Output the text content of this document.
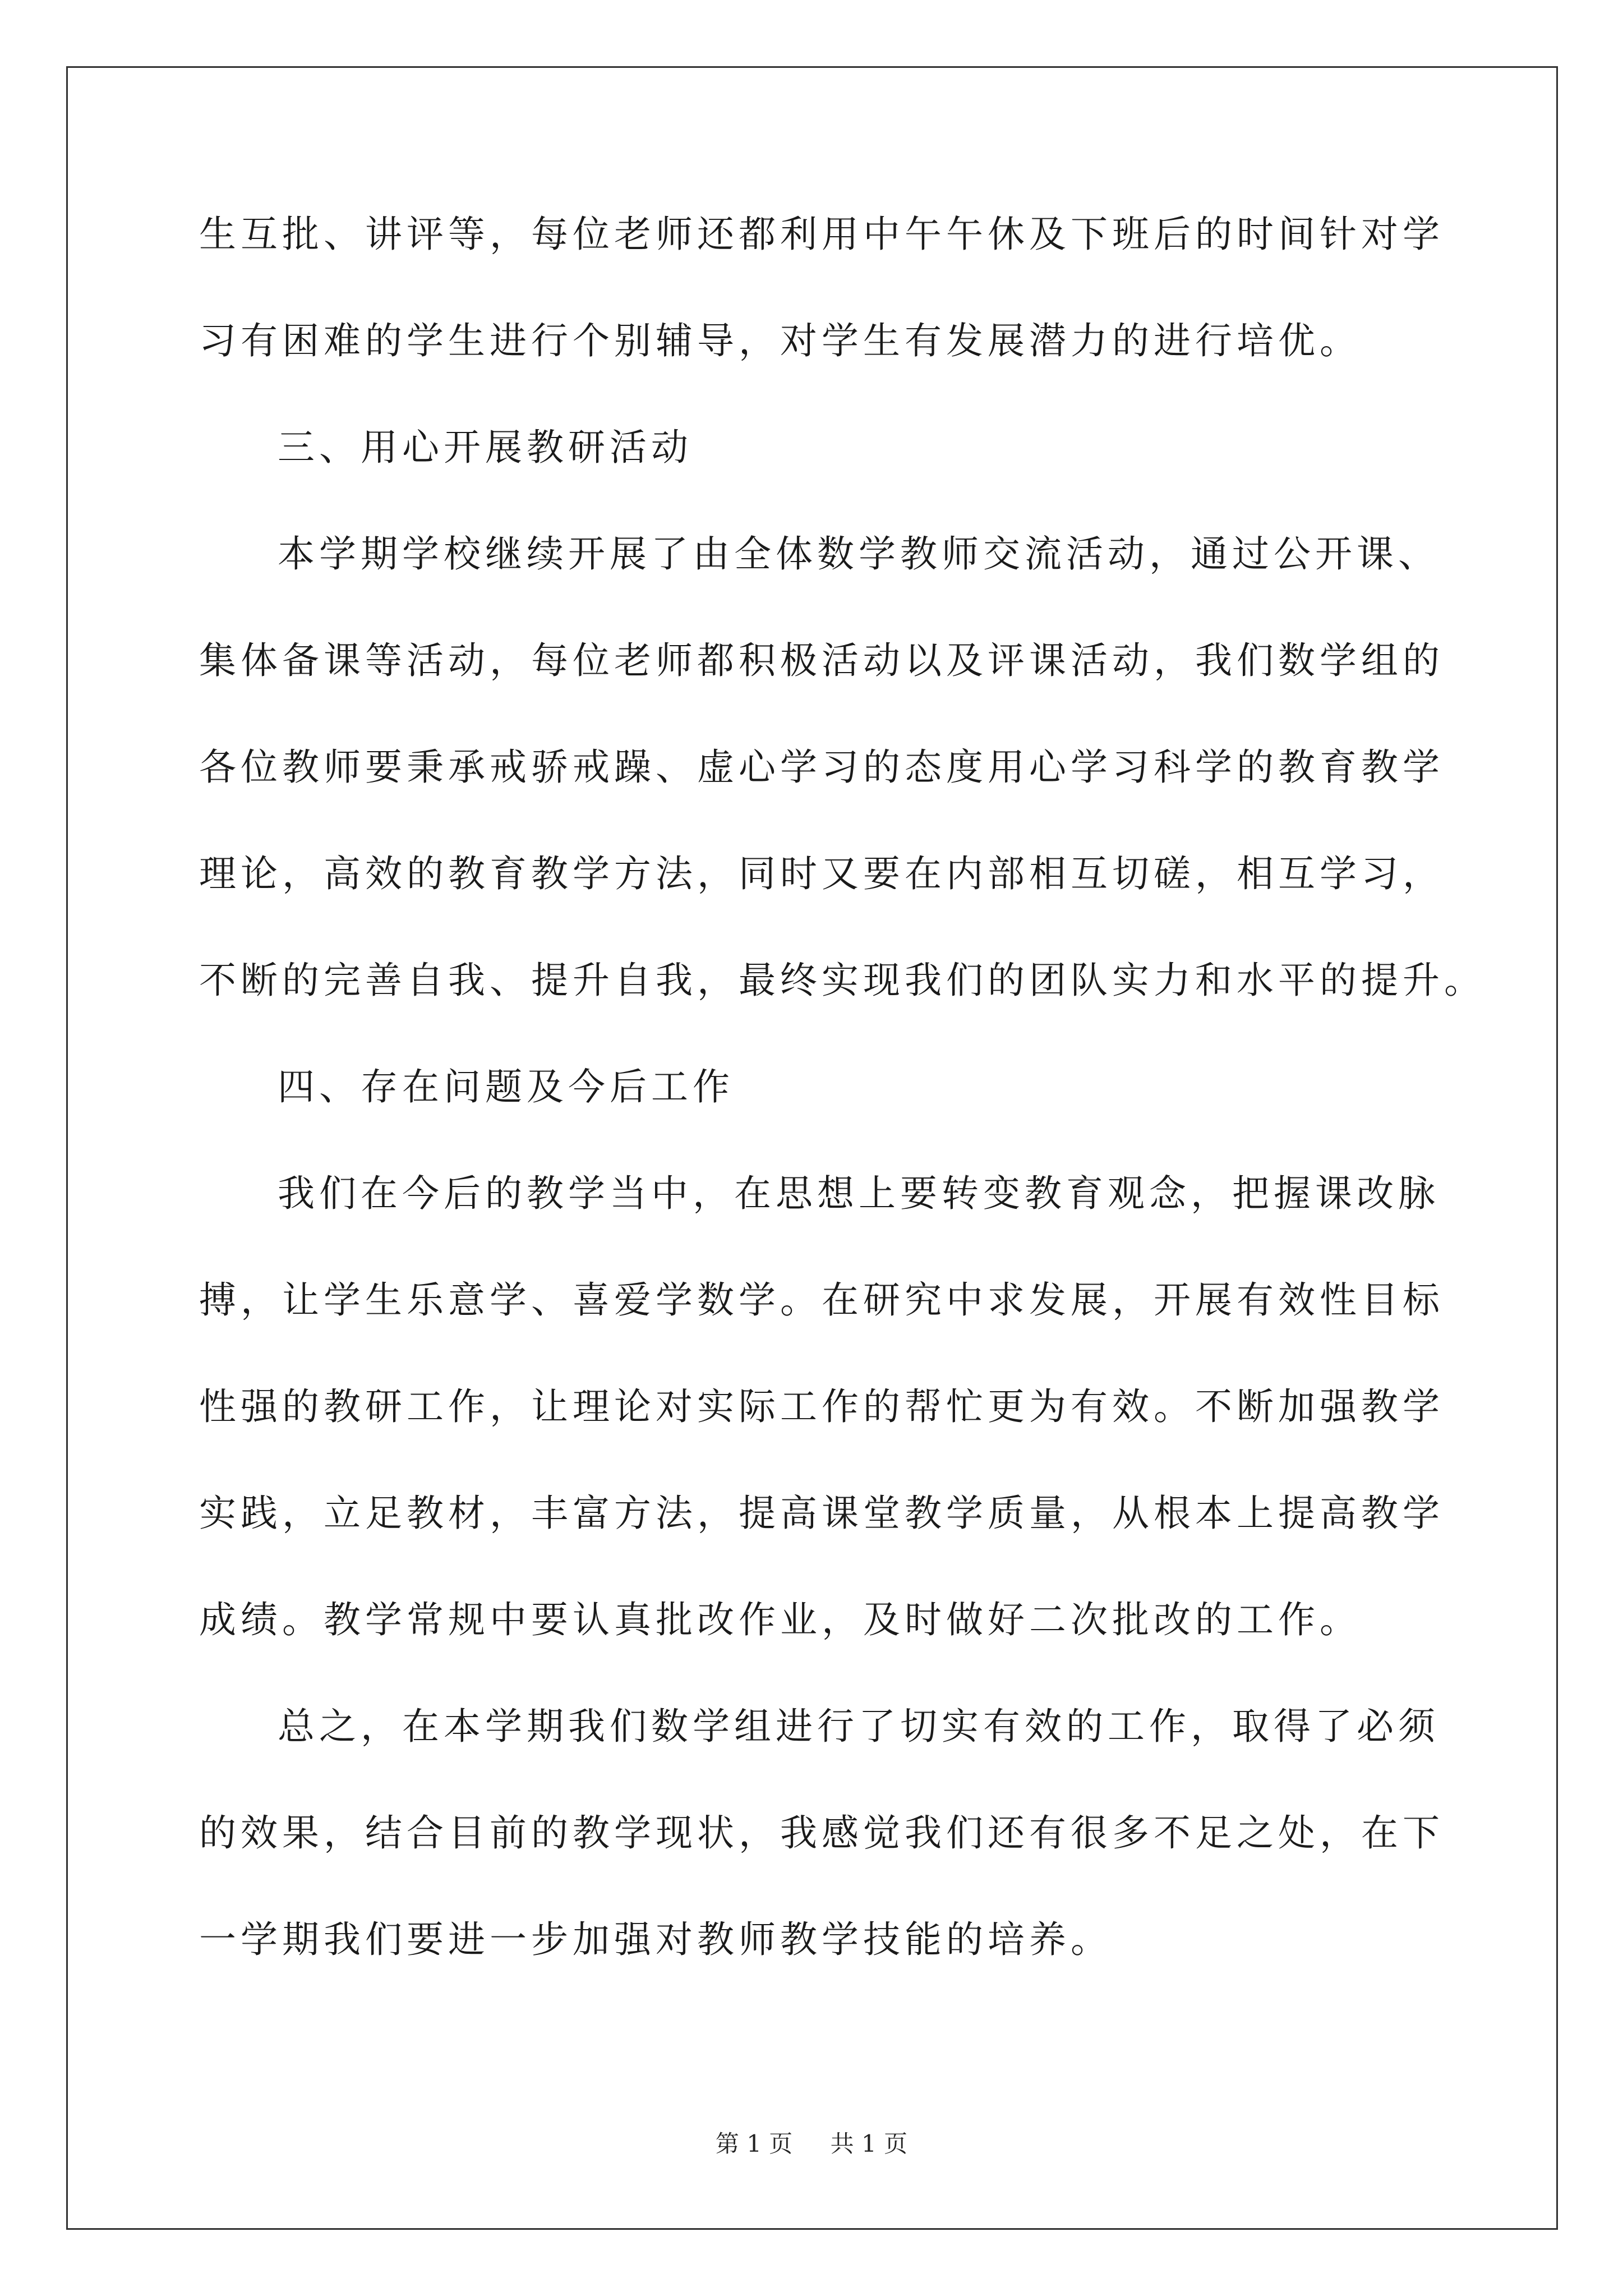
生互批、讲评等，每位老师还都利用中午午休及下班后的时间针对学
习有困难的学生进行个别辅导，对学生有发展潜力的进行培优。
三、用心开展教研活动
本学期学校继续开展了由全体数学教师交流活动，通过公开课、
集体备课等活动，每位老师都积极活动以及评课活动，我们数学组的
各位教师要秉承戒骄戒躁、虚心学习的态度用心学习科学的教育教学
理论，高效的教育教学方法，同时又要在内部相互切磋，相互学习，
不断的完善自我、提升自我，最终实现我们的团队实力和水平的提升。
四、存在问题及今后工作
我们在今后的教学当中，在思想上要转变教育观念，把握课改脉
搏，让学生乐意学、喜爱学数学。在研究中求发展，开展有效性目标
性强的教研工作，让理论对实际工作的帮忙更为有效。不断加强教学
实践，立足教材，丰富方法，提高课堂教学质量，从根本上提高教学
成绩。教学常规中要认真批改作业，及时做好二次批改的工作。
总之，在本学期我们数学组进行了切实有效的工作，取得了必须
的效果，结合目前的教学现状，我感觉我们还有很多不足之处，在下
一学期我们要进一步加强对教师教学技能的培养。
第 1 页 共 1 页
